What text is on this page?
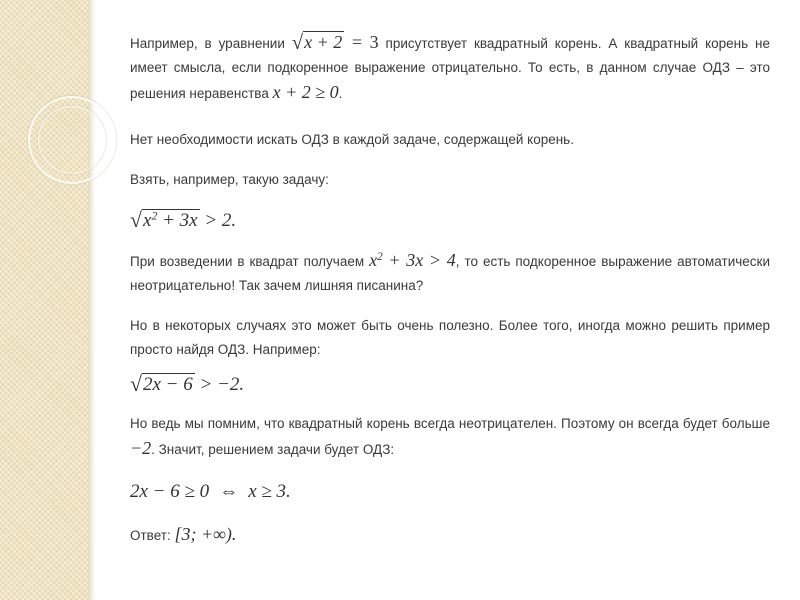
Например, в уравнении √x + 2 = 3 присутствует квадратный корень. А квадратный корень не имеет смысла, если подкоренное выражение отрицательно. То есть, в данном случае ОДЗ – это решения неравенства x + 2 ≥ 0.

Нет необходимости искать ОДЗ в каждой задаче, содержащей корень.

Взять, например, такую задачу:

$√x^2 + 3x > 2$.

При возведении в квадрат получаем $x^2 + 3x > 4$, то есть подкоренное выражение автоматически неотрицательно! Так зачем лишняя писанина?

Но в некоторых случаях это может быть очень полезно. Более того, иногда можно решить пример просто найдя ОДЗ. Например:

√2x − 6 > −2.

Но ведь мы помним, что квадратный корень всегда неотрицателен. Поэтому он всегда будет больше −2. Значит, решением задачи будет ОДЗ:

2x − 6 ≥ 0 ⇔ x ≥ 3.

Ответ: [3; +∞).
